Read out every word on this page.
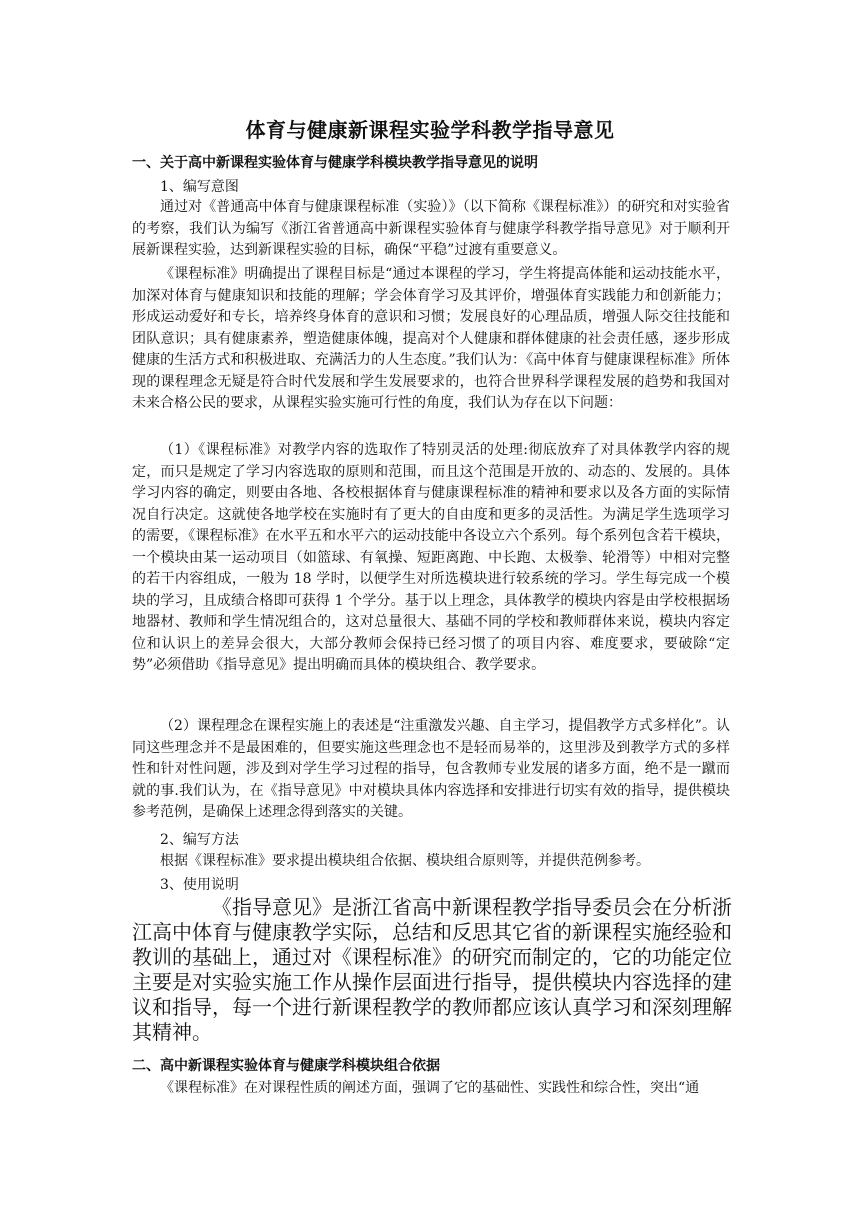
体育与健康新课程实验学科教学指导意见
一、关于高中新课程实验体育与健康学科模块教学指导意见的说明
1、编写意图
通过对《普通高中体育与健康课程标准（实验）》（以下简称《课程标准》）的研究和对实验省的考察，我们认为编写《浙江省普通高中新课程实验体育与健康学科教学指导意见》对于顺利开展新课程实验，达到新课程实验的目标，确保“平稳”过渡有重要意义。
《课程标准》明确提出了课程目标是“通过本课程的学习，学生将提高体能和运动技能水平，加深对体育与健康知识和技能的理解；学会体育学习及其评价，增强体育实践能力和创新能力；形成运动爱好和专长，培养终身体育的意识和习惯；发展良好的心理品质，增强人际交往技能和团队意识；具有健康素养，塑造健康体魄，提高对个人健康和群体健康的社会责任感，逐步形成健康的生活方式和积极进取、充满活力的人生态度。”我们认为：《高中体育与健康课程标准》所体现的课程理念无疑是符合时代发展和学生发展要求的，也符合世界科学课程发展的趋势和我国对未来合格公民的要求，从课程实验实施可行性的角度，我们认为存在以下问题：
（1）《课程标准》对教学内容的选取作了特别灵活的处理:彻底放弃了对具体教学内容的规定，而只是规定了学习内容选取的原则和范围，而且这个范围是开放的、动态的、发展的。具体学习内容的确定，则要由各地、各校根据体育与健康课程标准的精神和要求以及各方面的实际情况自行决定。这就使各地学校在实施时有了更大的自由度和更多的灵活性。为满足学生选项学习的需要，《课程标准》在水平五和水平六的运动技能中各设立六个系列。每个系列包含若干模块，一个模块由某一运动项目（如篮球、有氧操、短距离跑、中长跑、太极拳、轮滑等）中相对完整的若干内容组成，一般为 18 学时，以便学生对所选模块进行较系统的学习。学生每完成一个模块的学习，且成绩合格即可获得 1 个学分。基于以上理念，具体教学的模块内容是由学校根据场地器材、教师和学生情况组合的，这对总量很大、基础不同的学校和教师群体来说，模块内容定位和认识上的差异会很大，大部分教师会保持已经习惯了的项目内容、难度要求，要破除“定势”必须借助《指导意见》提出明确而具体的模块组合、教学要求。
（2）课程理念在课程实施上的表述是“注重激发兴趣、自主学习，提倡教学方式多样化”。认同这些理念并不是最困难的，但要实施这些理念也不是轻而易举的，这里涉及到教学方式的多样性和针对性问题，涉及到对学生学习过程的指导，包含教师专业发展的诸多方面，绝不是一蹴而就的事.我们认为，在《指导意见》中对模块具体内容选择和安排进行切实有效的指导，提供模块参考范例，是确保上述理念得到落实的关键。
2、编写方法
根据《课程标准》要求提出模块组合依据、模块组合原则等，并提供范例参考。
3、使用说明
《指导意见》是浙江省高中新课程教学指导委员会在分析浙江高中体育与健康教学实际，总结和反思其它省的新课程实施经验和教训的基础上，通过对《课程标准》的研究而制定的，它的功能定位主要是对实验实施工作从操作层面进行指导，提供模块内容选择的建议和指导，每一个进行新课程教学的教师都应该认真学习和深刻理解其精神。
二、高中新课程实验体育与健康学科模块组合依据
《课程标准》在对课程性质的阐述方面，强调了它的基础性、实践性和综合性，突出“通
